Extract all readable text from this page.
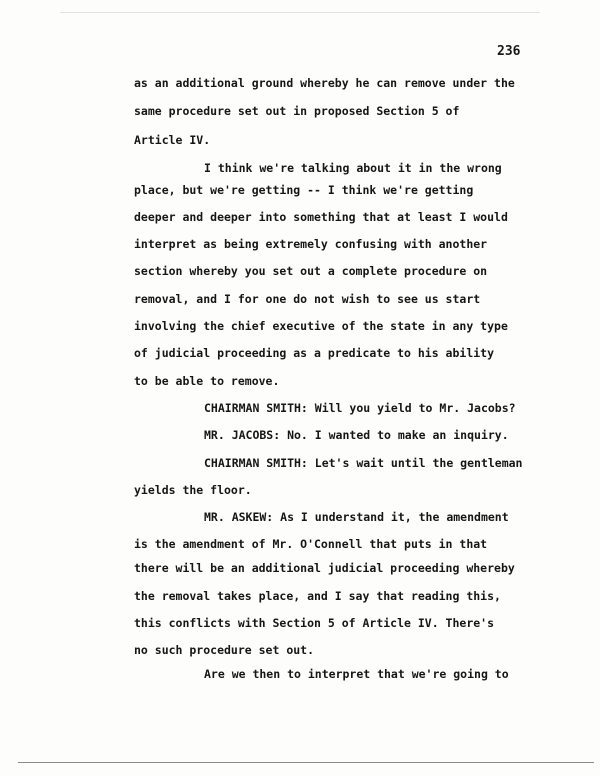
236
as an additional ground whereby he can remove under the
same procedure set out in proposed Section 5 of
Article IV.
I think we're talking about it in the wrong
place, but we're getting -- I think we're getting
deeper and deeper into something that at least I would
interpret as being extremely confusing with another
section whereby you set out a complete procedure on
removal, and I for one do not wish to see us start
involving the chief executive of the state in any type
of judicial proceeding as a predicate to his ability
to be able to remove.
CHAIRMAN SMITH: Will you yield to Mr. Jacobs?
MR. JACOBS: No. I wanted to make an inquiry.
CHAIRMAN SMITH: Let's wait until the gentleman
yields the floor.
MR. ASKEW: As I understand it, the amendment
is the amendment of Mr. O'Connell that puts in that
there will be an additional judicial proceeding whereby
the removal takes place, and I say that reading this,
this conflicts with Section 5 of Article IV. There's
no such procedure set out.
Are we then to interpret that we're going to
